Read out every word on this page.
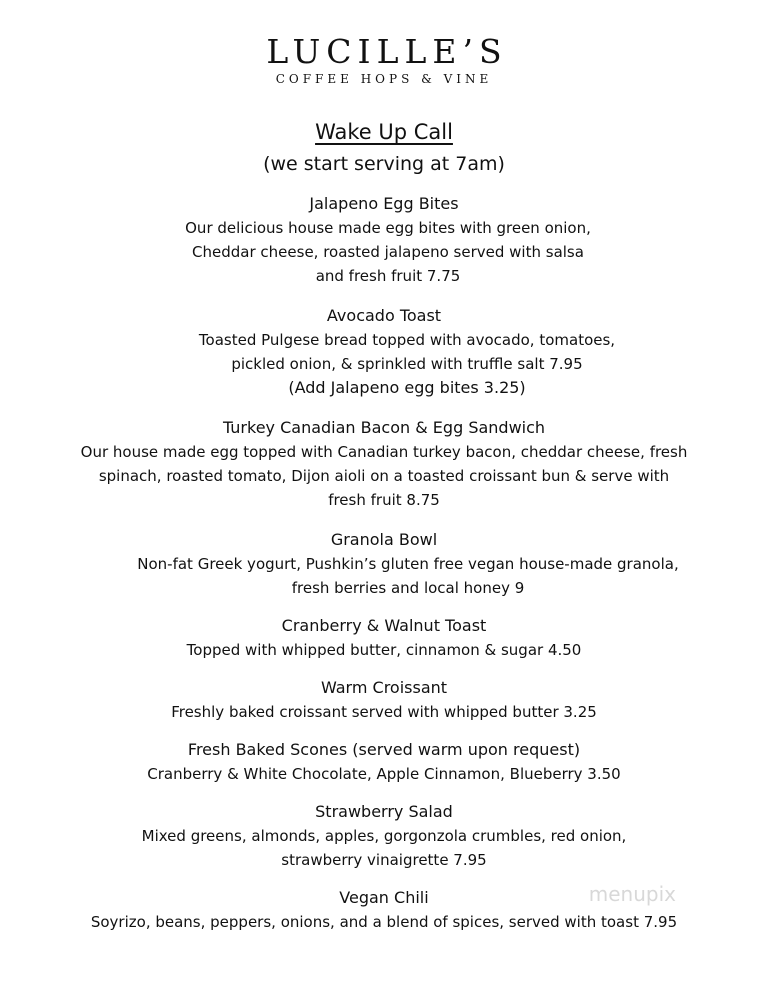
LUCILLE’S
COFFEE HOPS & VINE
Wake Up Call
(we start serving at 7am)
Jalapeno Egg Bites
Our delicious house made egg bites with green onion,
Cheddar cheese, roasted jalapeno served with salsa
and fresh fruit 7.75
Avocado Toast
Toasted Pulgese bread topped with avocado, tomatoes,
pickled onion, & sprinkled with truffle salt 7.95
(Add Jalapeno egg bites 3.25)
Turkey Canadian Bacon & Egg Sandwich
Our house made egg topped with Canadian turkey bacon, cheddar cheese, fresh
spinach, roasted tomato, Dijon aioli on a toasted croissant bun & serve with
fresh fruit 8.75
Granola Bowl
Non-fat Greek yogurt, Pushkin’s gluten free vegan house-made granola,
fresh berries and local honey 9
Cranberry & Walnut Toast
Topped with whipped butter, cinnamon & sugar 4.50
Warm Croissant
Freshly baked croissant served with whipped butter 3.25
Fresh Baked Scones (served warm upon request)
Cranberry & White Chocolate, Apple Cinnamon, Blueberry 3.50
Strawberry Salad
Mixed greens, almonds, apples, gorgonzola crumbles, red onion,
strawberry vinaigrette 7.95
Vegan Chili
Soyrizo, beans, peppers, onions, and a blend of spices, served with toast 7.95
menupix
